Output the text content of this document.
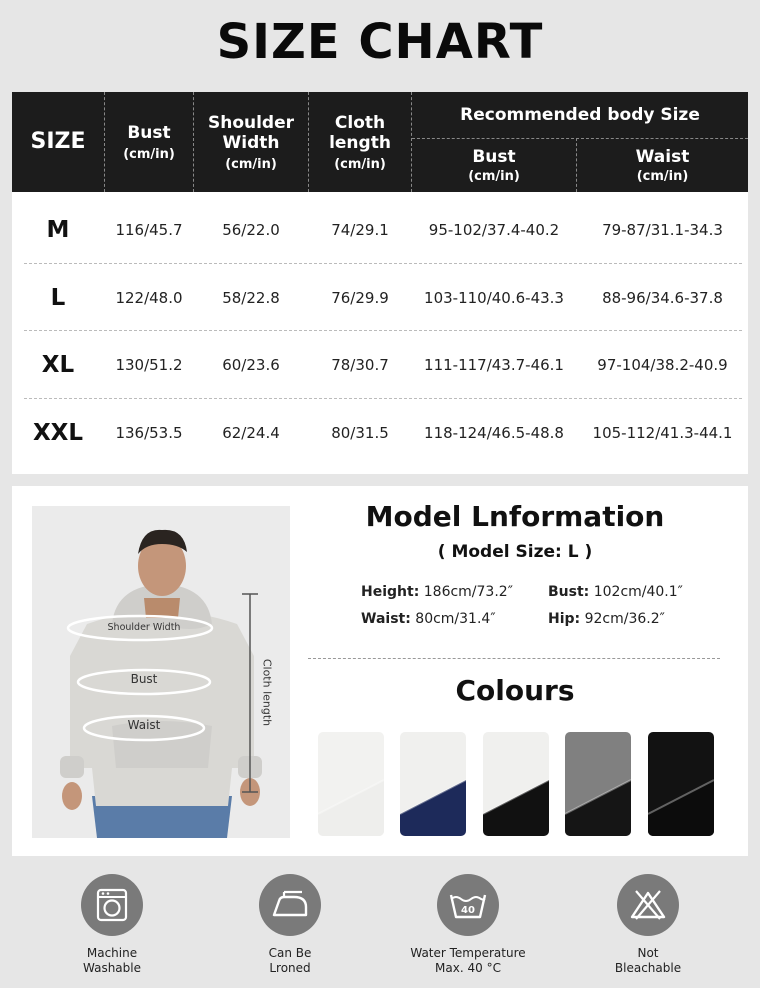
SIZE CHART
SIZE Bust
(cm/in)
Shoulder Width
(cm/in)
Cloth length
(cm/in)
Recommended body Size
Bust
(cm/in)
Waist
(cm/in)
M	116/45.7	56/22.0	74/29.1	95-102/37.4-40.2	79-87/31.1-34.3
L	122/48.0	58/22.8	76/29.9	103-110/40.6-43.3	88-96/34.6-37.8
XL	130/51.2	60/23.6	78/30.7	111-117/43.7-46.1	97-104/38.2-40.9
XXL	136/53.5	62/24.4	80/31.5	118-124/46.5-48.8	105-112/41.3-44.1
Shoulder Width
Bust
Waist	Cloth length
Model Lnformation
( Model Size: L )
Height: 186cm/73.2″	Bust: 102cm/40.1″
Waist: 80cm/31.4″	Hip: 92cm/36.2″
Colours
Machine
Washable
Can Be
Lroned
40
Water Temperature
Max. 40 °C
Not
Bleachable
